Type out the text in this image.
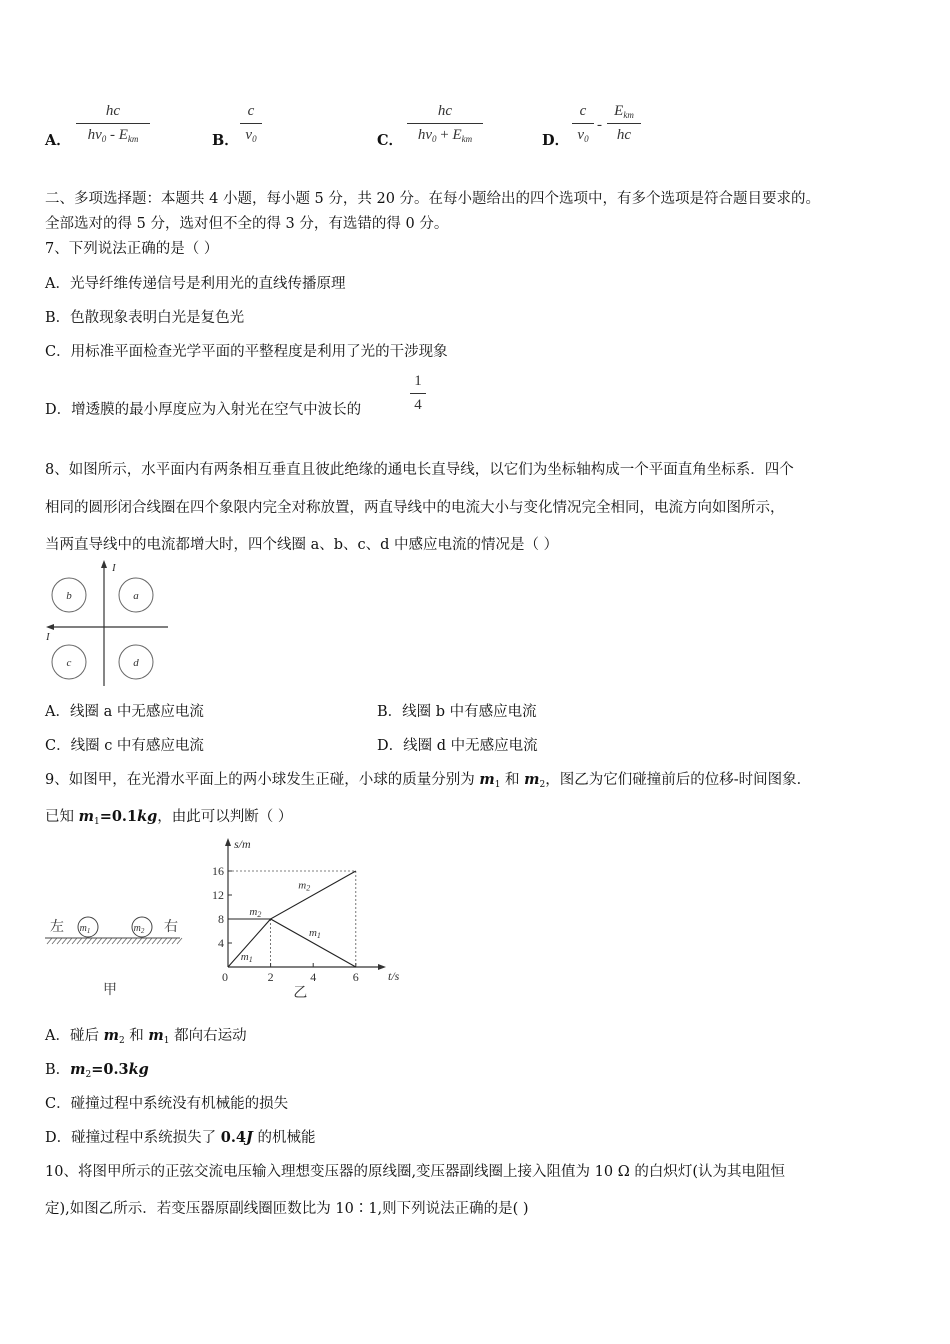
A．
hc
$hv_0 - E_{km}$	B．
c
$v_0$	C．
hc
$hv_0 + E_{km}$	D．
c
$v_0$
-
$E_{km}$
hc
二、多项选择题：本题共 4 小题，每小题 5 分，共 20 分。在每小题给出的四个选项中，有多个选项是符合题目要求的。
全部选对的得 5 分，选对但不全的得 3 分，有选错的得 0 分。
7、下列说法正确的是（ ）
A．光导纤维传递信号是利用光的直线传播原理
B．色散现象表明白光是复色光
C．用标准平面检查光学平面的平整程度是利用了光的干涉现象
D．增透膜的最小厚度应为入射光在空气中波长的
1
4
8、如图所示，水平面内有两条相互垂直且彼此绝缘的通电长直导线，以它们为坐标轴构成一个平面直角坐标系．四个
相同的圆形闭合线圈在四个象限内完全对称放置，两直导线中的电流大小与变化情况完全相同，电流方向如图所示，
当两直导线中的电流都增大时，四个线圈 a、b、c、d 中感应电流的情况是（ ）
I
I
b	a
c	d
A．线圈 a 中无感应电流	B．线圈 b 中有感应电流
C．线圈 c 中有感应电流	D．线圈 d 中无感应电流
9、如图甲，在光滑水平面上的两小球发生正碰，小球的质量分别为 $m_1$ 和 $m_2$，图乙为它们碰撞前后的位移-时间图象．
已知 $m_1=0.1kg$，由此可以判断（ ）
左 $m_1$	$m_2$ 右
甲
s/m
t/s
4
8
12
16
0	2	4	6
m2
m2
m1
m1
乙
A．碰后 $m_2$ 和 $m_1$ 都向右运动
B．$m_2=0.3kg$
C．碰撞过程中系统没有机械能的损失
D．碰撞过程中系统损失了 0.4J 的机械能
10、将图甲所示的正弦交流电压输入理想变压器的原线圈,变压器副线圈上接入阻值为 10 Ω 的白炽灯(认为其电阻恒
定),如图乙所示．若变压器原副线圈匝数比为 10∶1,则下列说法正确的是( )
